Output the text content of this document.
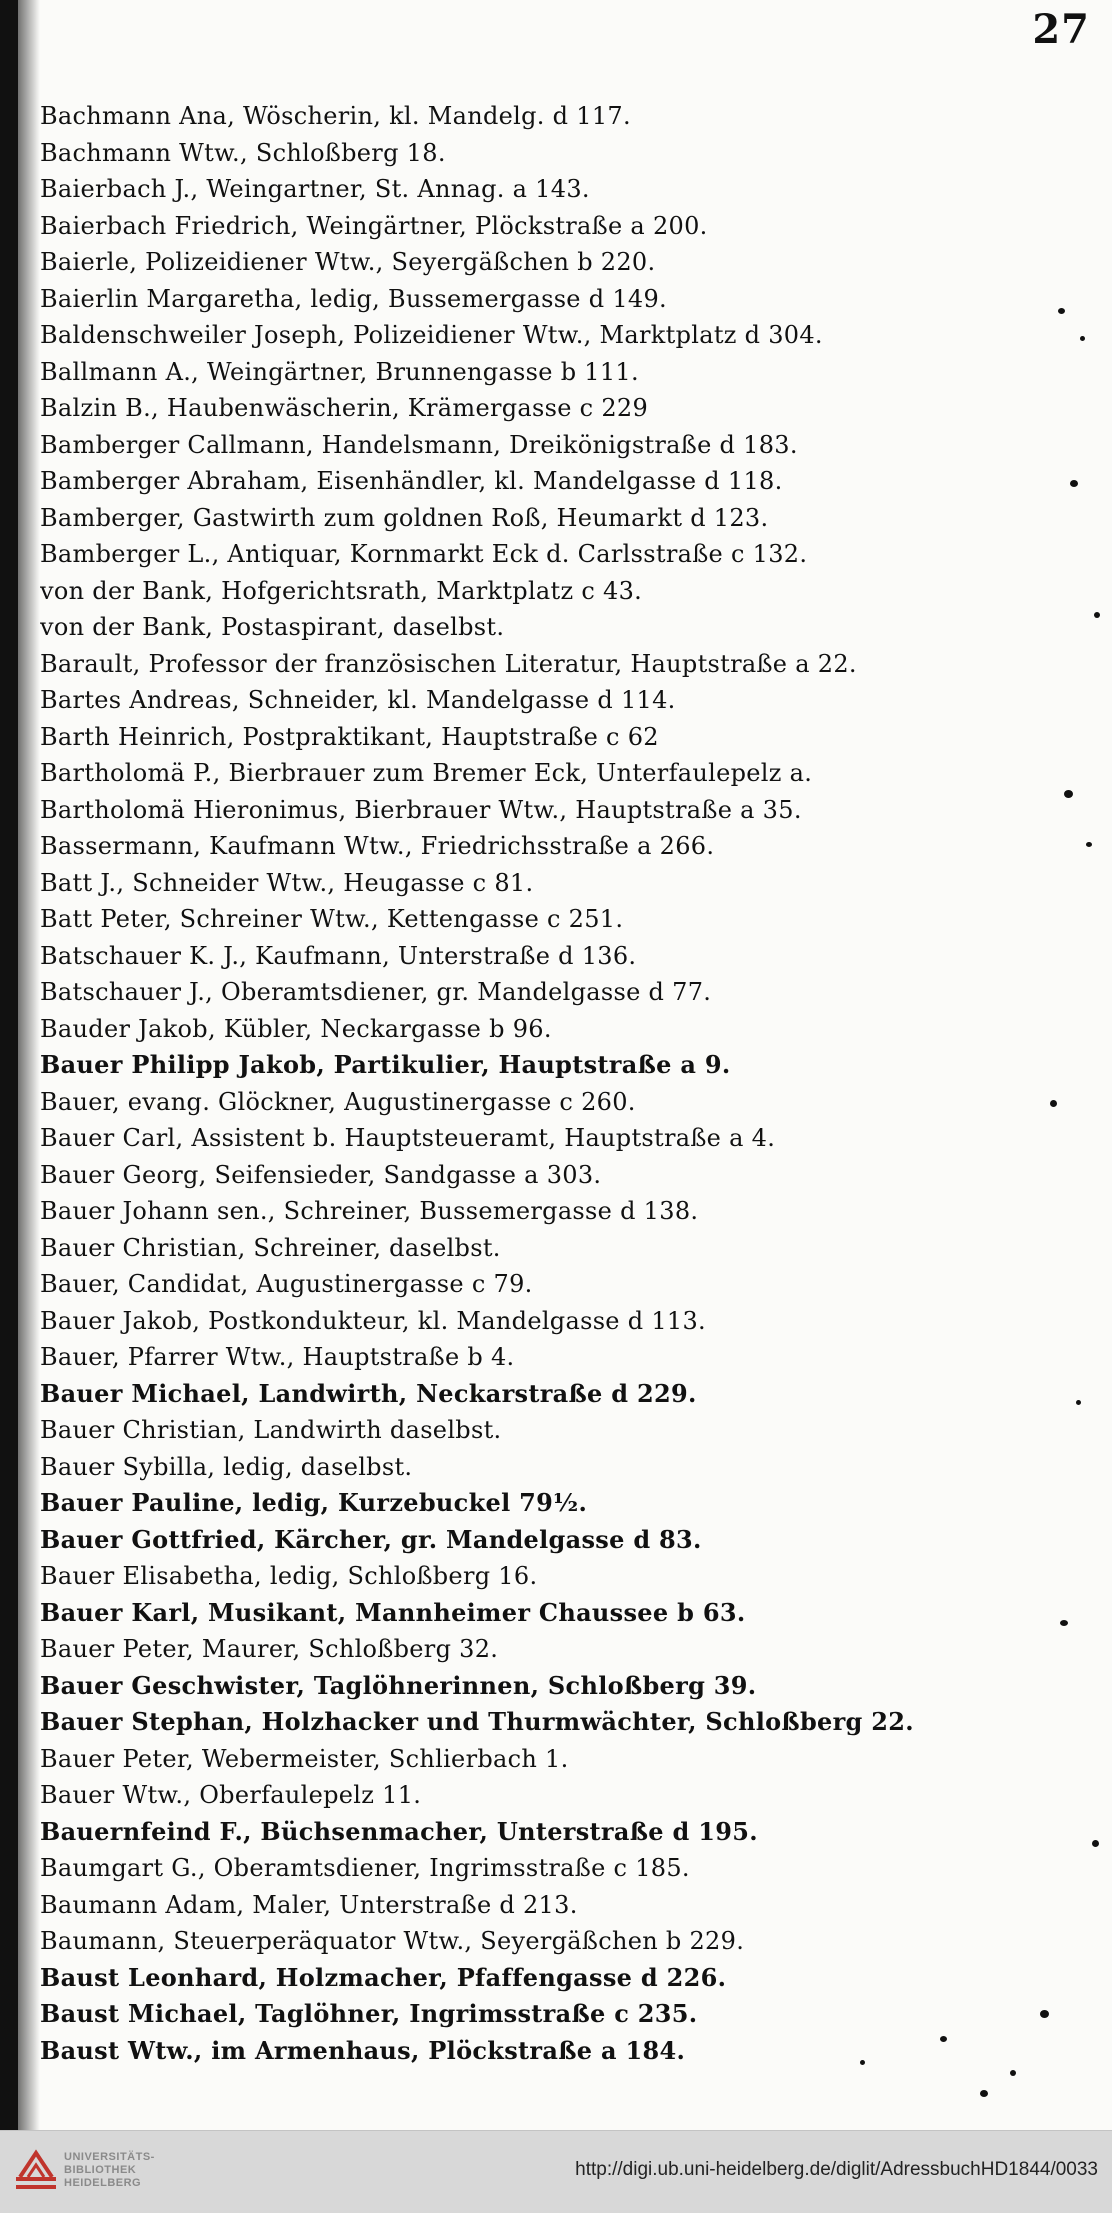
27
Bachmann Ana, Wöscherin, kl. Mandelg. d 117.
Bachmann Wtw., Schloßberg 18.
Baierbach J., Weingartner, St. Annag. a 143.
Baierbach Friedrich, Weingärtner, Plöckstraße a 200.
Baierle, Polizeidiener Wtw., Seyergäßchen b 220.
Baierlin Margaretha, ledig, Bussemergasse d 149.
Baldenschweiler Joseph, Polizeidiener Wtw., Marktplatz d 304.
Ballmann A., Weingärtner, Brunnengasse b 111.
Balzin B., Haubenwäscherin, Krämergasse c 229
Bamberger Callmann, Handelsmann, Dreikönigstraße d 183.
Bamberger Abraham, Eisenhändler, kl. Mandelgasse d 118.
Bamberger, Gastwirth zum goldnen Roß, Heumarkt d 123.
Bamberger L., Antiquar, Kornmarkt Eck d. Carlsstraße c 132.
von der Bank, Hofgerichtsrath, Marktplatz c 43.
von der Bank, Postaspirant, daselbst.
Barault, Professor der französischen Literatur, Hauptstraße a 22.
Bartes Andreas, Schneider, kl. Mandelgasse d 114.
Barth Heinrich, Postpraktikant, Hauptstraße c 62
Bartholomä P., Bierbrauer zum Bremer Eck, Unterfaulepelz a.
Bartholomä Hieronimus, Bierbrauer Wtw., Hauptstraße a 35.
Bassermann, Kaufmann Wtw., Friedrichsstraße a 266.
Batt J., Schneider Wtw., Heugasse c 81.
Batt Peter, Schreiner Wtw., Kettengasse c 251.
Batschauer K. J., Kaufmann, Unterstraße d 136.
Batschauer J., Oberamtsdiener, gr. Mandelgasse d 77.
Bauder Jakob, Kübler, Neckargasse b 96.
Bauer Philipp Jakob, Partikulier, Hauptstraße a 9.
Bauer, evang. Glöckner, Augustinergasse c 260.
Bauer Carl, Assistent b. Hauptsteueramt, Hauptstraße a 4.
Bauer Georg, Seifensieder, Sandgasse a 303.
Bauer Johann sen., Schreiner, Bussemergasse d 138.
Bauer Christian, Schreiner, daselbst.
Bauer, Candidat, Augustinergasse c 79.
Bauer Jakob, Postkondukteur, kl. Mandelgasse d 113.
Bauer, Pfarrer Wtw., Hauptstraße b 4.
Bauer Michael, Landwirth, Neckarstraße d 229.
Bauer Christian, Landwirth daselbst.
Bauer Sybilla, ledig, daselbst.
Bauer Pauline, ledig, Kurzebuckel 79½.
Bauer Gottfried, Kärcher, gr. Mandelgasse d 83.
Bauer Elisabetha, ledig, Schloßberg 16.
Bauer Karl, Musikant, Mannheimer Chaussee b 63.
Bauer Peter, Maurer, Schloßberg 32.
Bauer Geschwister, Taglöhnerinnen, Schloßberg 39.
Bauer Stephan, Holzhacker und Thurmwächter, Schloßberg 22.
Bauer Peter, Webermeister, Schlierbach 1.
Bauer Wtw., Oberfaulepelz 11.
Bauernfeind F., Büchsenmacher, Unterstraße d 195.
Baumgart G., Oberamtsdiener, Ingrimsstraße c 185.
Baumann Adam, Maler, Unterstraße d 213.
Baumann, Steuerperäquator Wtw., Seyergäßchen b 229.
Baust Leonhard, Holzmacher, Pfaffengasse d 226.
Baust Michael, Taglöhner, Ingrimsstraße c 235.
Baust Wtw., im Armenhaus, Plöckstraße a 184.
UNIVERSITÄTS-
BIBLIOTHEK
HEIDELBERG
http://digi.ub.uni-heidelberg.de/diglit/AdressbuchHD1844/0033
